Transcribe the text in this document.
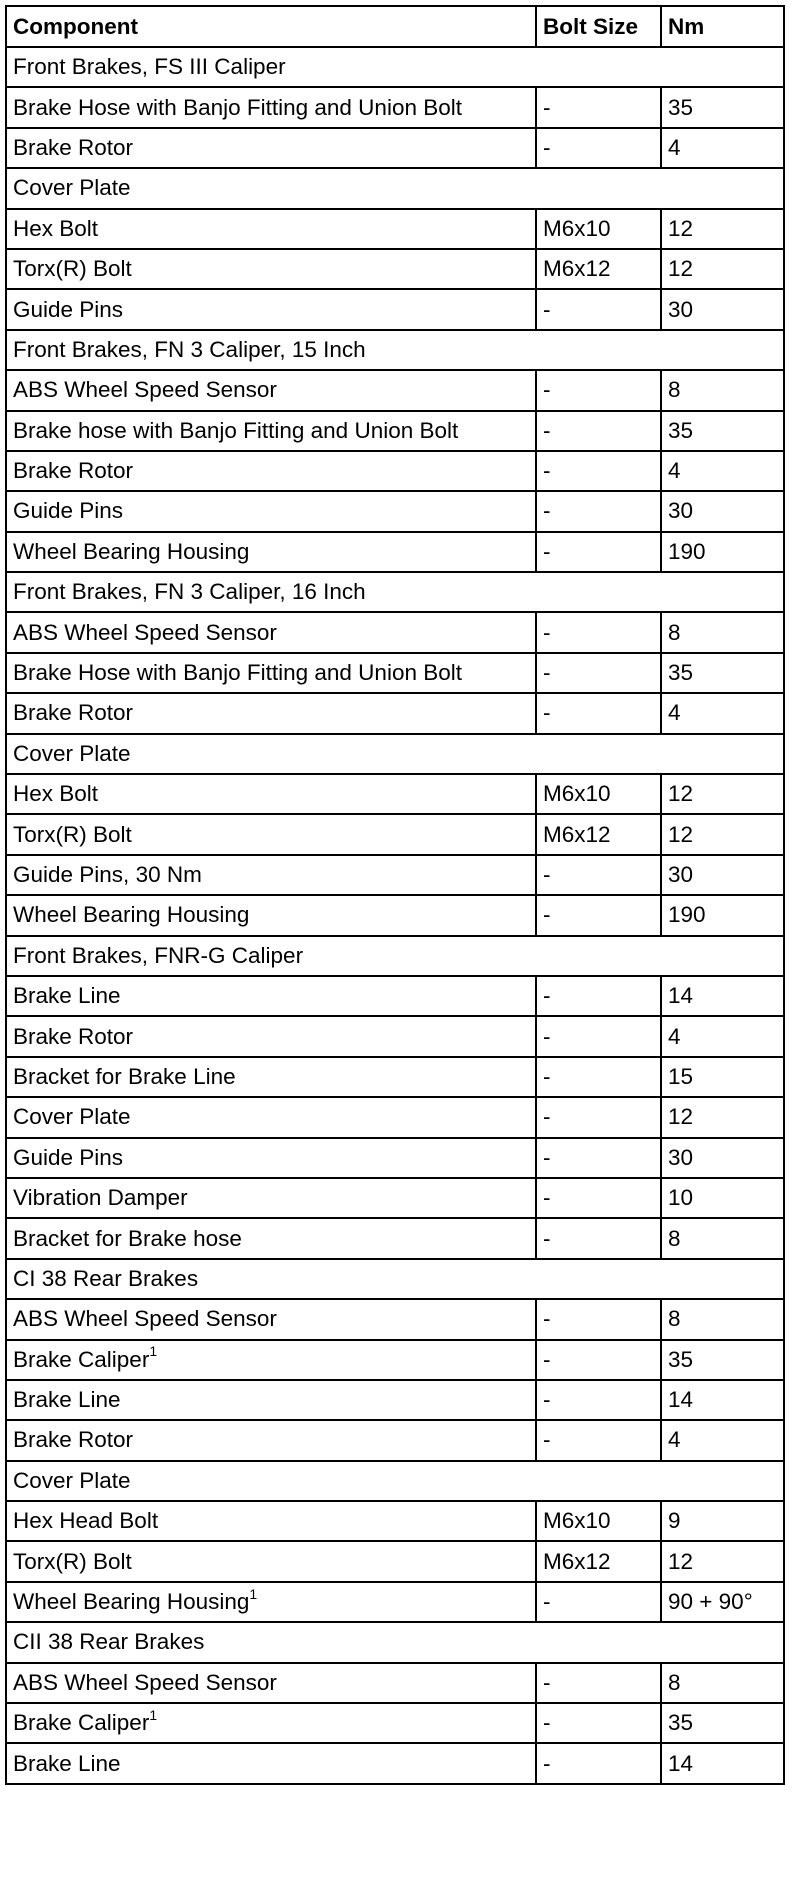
Component	Bolt Size	Nm
Front Brakes, FS III Caliper		
Brake Hose with Banjo Fitting and Union Bolt	-	35
Brake Rotor	-	4
Cover Plate		
Hex Bolt	M6x10	12
Torx(R) Bolt	M6x12	12
Guide Pins	-	30
Front Brakes, FN 3 Caliper, 15 Inch		
ABS Wheel Speed Sensor	-	8
Brake hose with Banjo Fitting and Union Bolt	-	35
Brake Rotor	-	4
Guide Pins	-	30
Wheel Bearing Housing	-	190
Front Brakes, FN 3 Caliper, 16 Inch		
ABS Wheel Speed Sensor	-	8
Brake Hose with Banjo Fitting and Union Bolt	-	35
Brake Rotor	-	4
Cover Plate		
Hex Bolt	M6x10	12
Torx(R) Bolt	M6x12	12
Guide Pins, 30 Nm	-	30
Wheel Bearing Housing	-	190
Front Brakes, FNR-G Caliper		
Brake Line	-	14
Brake Rotor	-	4
Bracket for Brake Line	-	15
Cover Plate	-	12
Guide Pins	-	30
Vibration Damper	-	10
Bracket for Brake hose	-	8
CI 38 Rear Brakes		
ABS Wheel Speed Sensor	-	8
Brake Caliper$^1$	-	35
Brake Line	-	14
Brake Rotor	-	4
Cover Plate		
Hex Head Bolt	M6x10	9
Torx(R) Bolt	M6x12	12
Wheel Bearing Housing$^1$	-	90 + 90°
CII 38 Rear Brakes		
ABS Wheel Speed Sensor	-	8
Brake Caliper$^1$	-	35
Brake Line	-	14
